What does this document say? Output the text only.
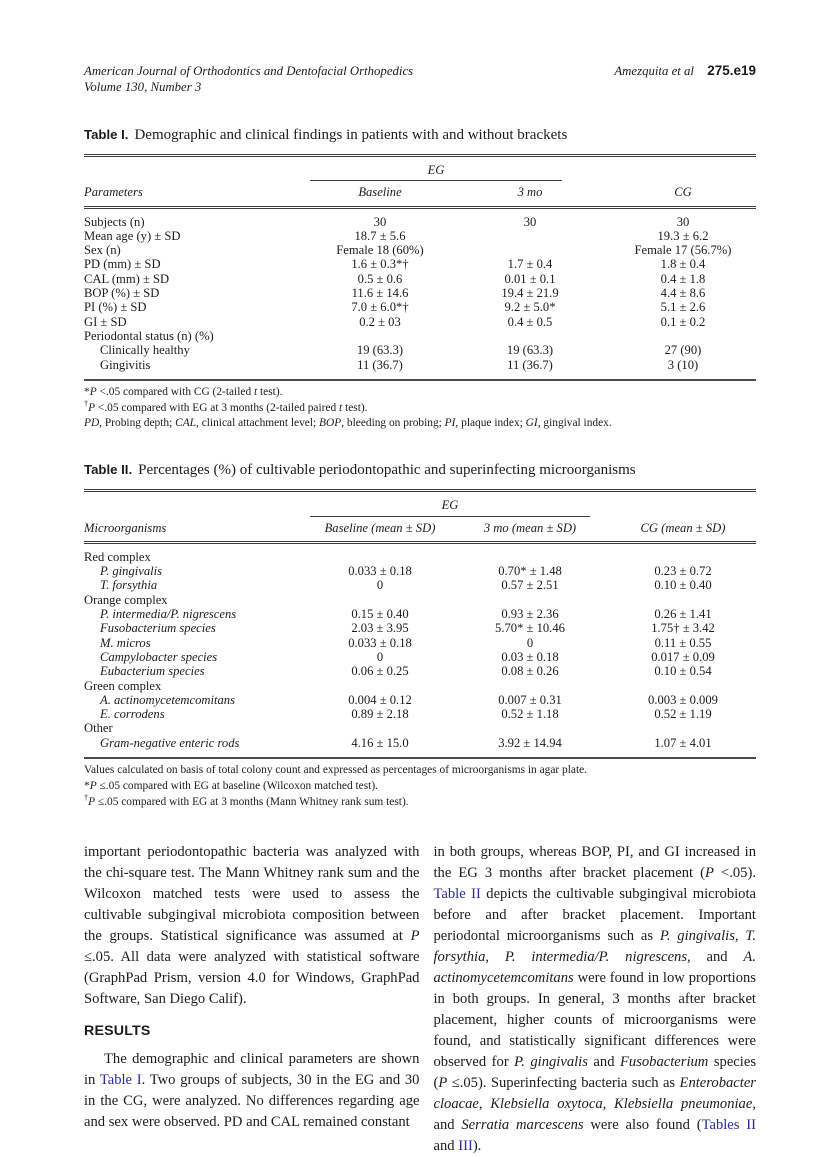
American Journal of Orthodontics and Dentofacial Orthopedics
Volume 130, Number 3
Amezquita et al 275.e19
Table I. Demographic and clinical findings in patients with and without brackets

	EG		

Parameters	Baseline	3 mo	CG
Subjects (n)	30	30	30
Mean age (y) ± SD	18.7 ± 5.6		19.3 ± 6.2
Sex (n)	Female 18 (60%)		Female 17 (56.7%)
PD (mm) ± SD	1.6 ± 0.3*†	1.7 ± 0.4	1.8 ± 0.4
CAL (mm) ± SD	0.5 ± 0.6	0.01 ± 0.1	0.4 ± 1.8
BOP (%) ± SD	11.6 ± 14.6	19.4 ± 21.9	4.4 ± 8.6
PI (%) ± SD	7.0 ± 6.0*†	9.2 ± 5.0*	5.1 ± 2.6
GI ± SD	0.2 ± 03	0.4 ± 0.5	0.1 ± 0.2
Periodontal status (n) (%)			
Clinically healthy	19 (63.3)	19 (63.3)	27 (90)
Gingivitis	11 (36.7)	11 (36.7)	3 (10)
*P <.05 compared with CG (2-tailed t test).
†P <.05 compared with EG at 3 months (2-tailed paired t test).
PD, Probing depth; CAL, clinical attachment level; BOP, bleeding on probing; PI, plaque index; GI, gingival index.
Table II. Percentages (%) of cultivable periodontopathic and superinfecting microorganisms

	EG		

Microorganisms	Baseline (mean ± SD)	3 mo (mean ± SD)	CG (mean ± SD)
Red complex			
P. gingivalis	0.033 ± 0.18	0.70* ± 1.48	0.23 ± 0.72
T. forsythia	0	0.57 ± 2.51	0.10 ± 0.40
Orange complex			
P. intermedia/P. nigrescens	0.15 ± 0.40	0.93 ± 2.36	0.26 ± 1.41
Fusobacterium species	2.03 ± 3.95	5.70* ± 10.46	1.75† ± 3.42
M. micros	0.033 ± 0.18	0	0.11 ± 0.55
Campylobacter species	0	0.03 ± 0.18	0.017 ± 0.09
Eubacterium species	0.06 ± 0.25	0.08 ± 0.26	0.10 ± 0.54
Green complex			
A. actinomycetemcomitans	0.004 ± 0.12	0.007 ± 0.31	0.003 ± 0.009
E. corrodens	0.89 ± 2.18	0.52 ± 1.18	0.52 ± 1.19
Other			
Gram-negative enteric rods	4.16 ± 15.0	3.92 ± 14.94	1.07 ± 4.01
Values calculated on basis of total colony count and expressed as percentages of microorganisms in agar plate.
*P ≤.05 compared with EG at baseline (Wilcoxon matched test).
†P ≤.05 compared with EG at 3 months (Mann Whitney rank sum test).

important periodontopathic bacteria was analyzed with the chi-square test. The Mann Whitney rank sum and the Wilcoxon matched tests were used to assess the cultivable subgingival microbiota composition between the groups. Statistical significance was assumed at P ≤.05. All data were analyzed with statistical software (GraphPad Prism, version 4.0 for Windows, GraphPad Software, San Diego Calif).

RESULTS

The demographic and clinical parameters are shown in Table I. Two groups of subjects, 30 in the EG and 30 in the CG, were analyzed. No differences regarding age and sex were observed. PD and CAL remained constant

in both groups, whereas BOP, PI, and GI increased in the EG 3 months after bracket placement (P <.05). Table II depicts the cultivable subgingival microbiota before and after bracket placement. Important periodontal microorganisms such as P. gingivalis, T. forsythia, P. intermedia/P. nigrescens, and A. actinomycetemcomitans were found in low proportions in both groups. In general, 3 months after bracket placement, higher counts of microorganisms were found, and statistically significant differences were observed for P. gingivalis and Fusobacterium species (P ≤.05). Superinfecting bacteria such as Enterobacter cloacae, Klebsiella oxytoca, Klebsiella pneumoniae, and Serratia marcescens were also found (Tables II and III).
